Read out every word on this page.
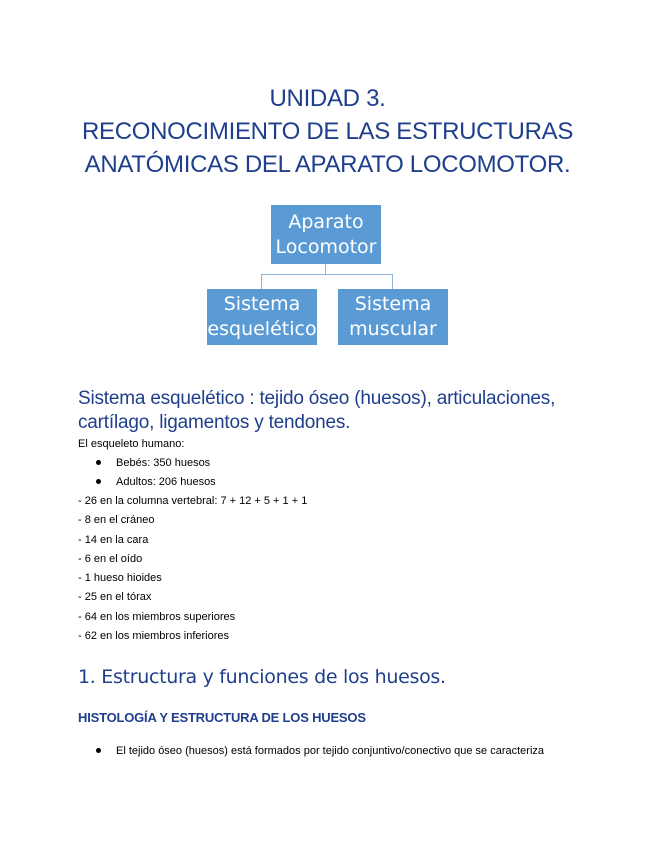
UNIDAD 3.
RECONOCIMIENTO DE LAS ESTRUCTURAS
ANATÓMICAS DEL APARATO LOCOMOTOR.
Aparato
Locomotor
Sistema
esquelético
Sistema
muscular
Sistema esquelético : tejido óseo (huesos), articulaciones, cartílago, ligamentos y tendones.
El esqueleto humano:
Bebés: 350 huesos
Adultos: 206 huesos
- 26 en la columna vertebral: 7 + 12 + 5 + 1 + 1
- 8 en el cráneo
- 14 en la cara
- 6 en el oído
- 1 hueso hioides
- 25 en el tórax
- 64 en los miembros superiores
- 62 en los miembros inferiores
1. Estructura y funciones de los huesos.
HISTOLOGÍA Y ESTRUCTURA DE LOS HUESOS
El tejido óseo (huesos) está formados por tejido conjuntivo/conectivo que se caracteriza
